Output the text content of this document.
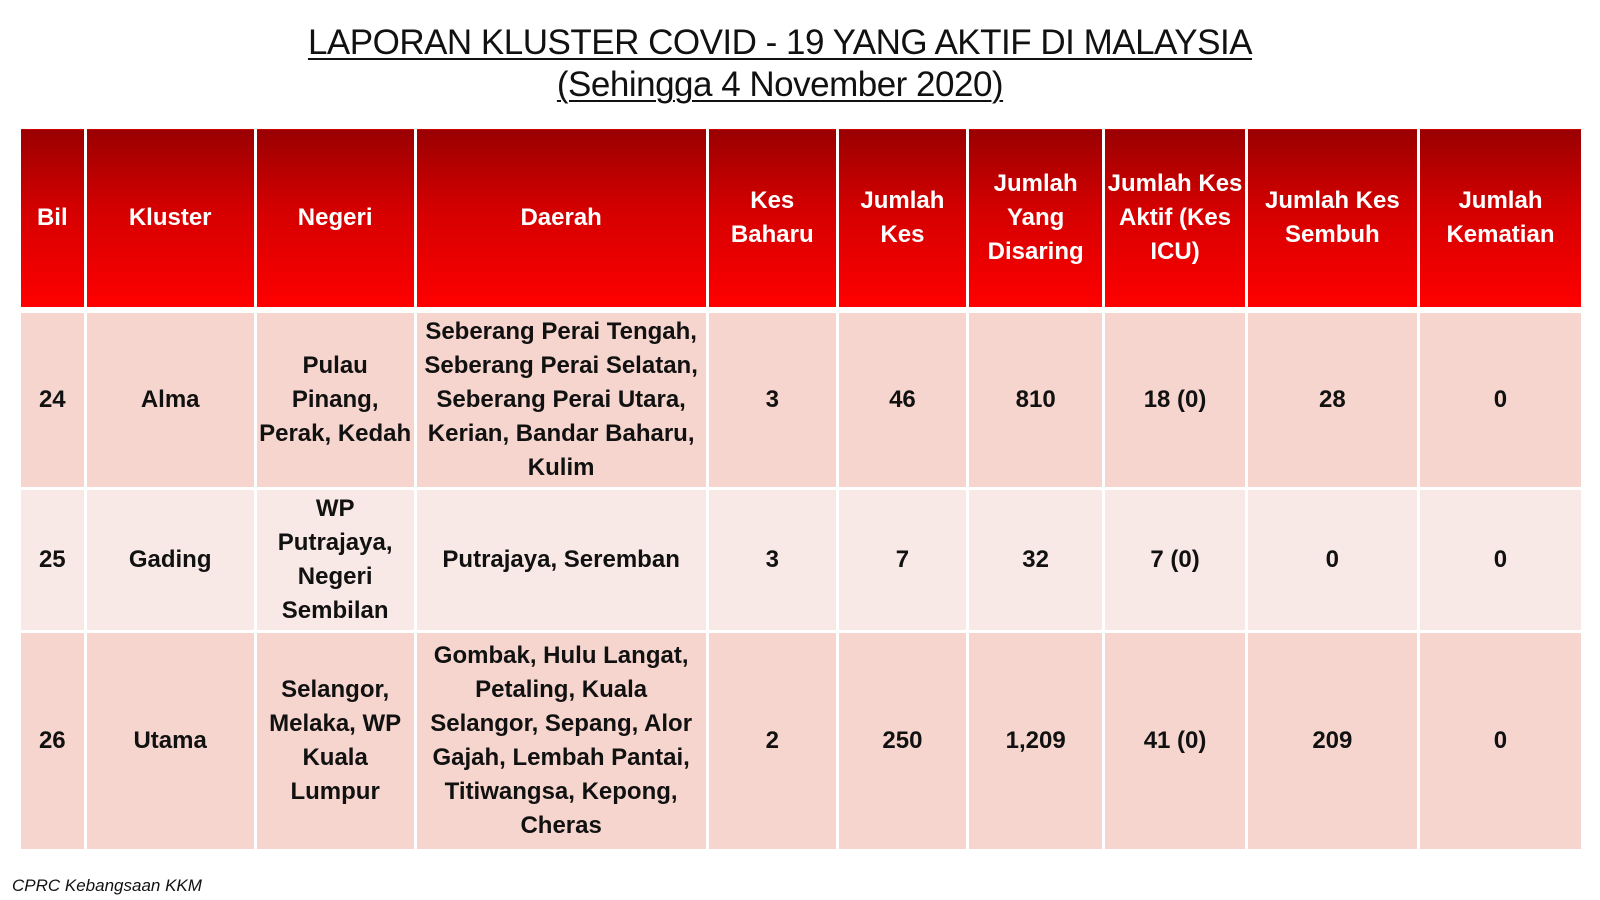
LAPORAN KLUSTER COVID - 19 YANG AKTIF DI MALAYSIA
(Sehingga 4 November 2020)
Bil	Kluster	Negeri	Daerah	Kes Baharu	Jumlah Kes	Jumlah Yang Disaring	Jumlah Kes Aktif (Kes ICU)	Jumlah Kes Sembuh	Jumlah Kematian
24	Alma	Pulau Pinang, Perak, Kedah	Seberang Perai Tengah, Seberang Perai Selatan, Seberang Perai Utara, Kerian, Bandar Baharu, Kulim	3	46	810	18 (0)	28	0
25	Gading	WP Putrajaya, Negeri Sembilan	Putrajaya, Seremban	3	7	32	7 (0)	0	0
26	Utama	Selangor, Melaka, WP Kuala Lumpur	Gombak, Hulu Langat, Petaling, Kuala Selangor, Sepang, Alor Gajah, Lembah Pantai, Titiwangsa, Kepong, Cheras	2	250	1,209	41 (0)	209	0
CPRC Kebangsaan KKM
